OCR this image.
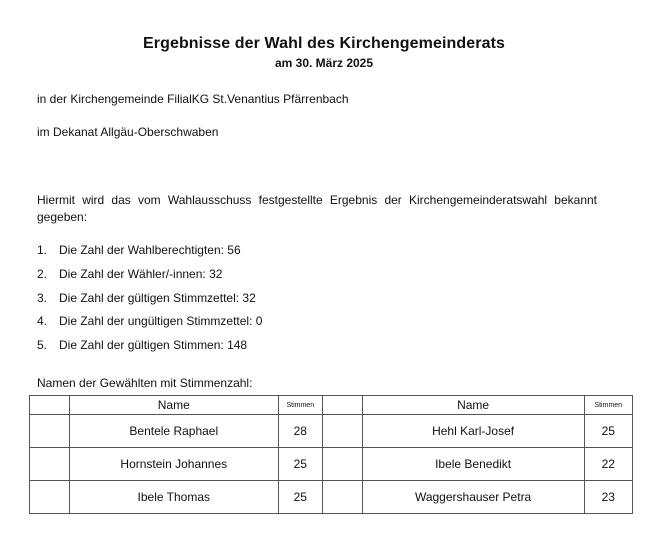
Ergebnisse der Wahl des Kirchengemeinderats
am 30. März 2025
in der Kirchengemeinde FilialKG St.Venantius Pfärrenbach
im Dekanat Allgäu-Oberschwaben
Hiermit wird das vom Wahlausschuss festgestellte Ergebnis der Kirchengemeinderatswahl bekannt gegeben:
1. Die Zahl der Wahlberechtigten: 56
2. Die Zahl der Wähler/-innen: 32
3. Die Zahl der gültigen Stimmzettel: 32
4. Die Zahl der ungültigen Stimmzettel: 0
5. Die Zahl der gültigen Stimmen: 148
Namen der Gewählten mit Stimmenzahl:
	Name	Stimmen		Name	Stimmen
	Bentele Raphael	28		Hehl Karl-Josef	25
	Hornstein Johannes	25		Ibele Benedikt	22
	Ibele Thomas	25		Waggershauser Petra	23
